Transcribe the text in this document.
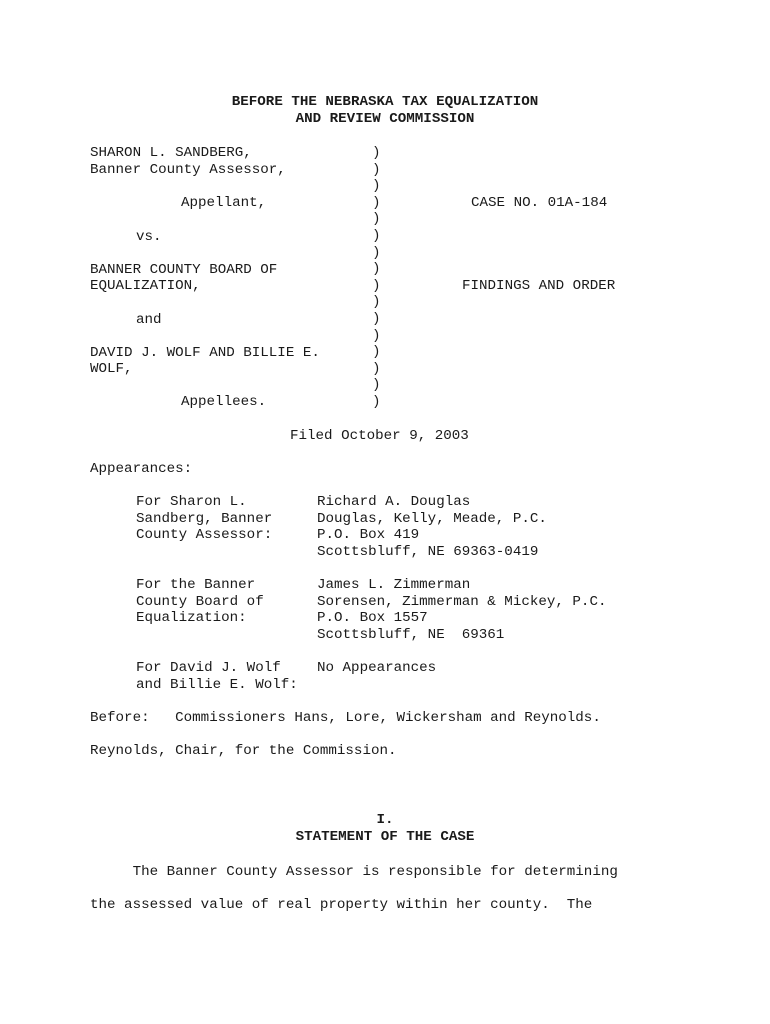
BEFORE THE NEBRASKA TAX EQUALIZATION
AND REVIEW COMMISSION
SHARON L. SANDBERG,
Banner County Assessor,
Appellant,
vs.
BANNER COUNTY BOARD OF
EQUALIZATION,
and
DAVID J. WOLF AND BILLIE E.
WOLF,
Appellees.
)
)
)
)
)
)
)
)
)
)
)
)
)
)
)
)
CASE NO. 01A-184
FINDINGS AND ORDER
Filed October 9, 2003
Appearances:
For Sharon L.
Sandberg, Banner
County Assessor:
Richard A. Douglas
Douglas, Kelly, Meade, P.C.
P.O. Box 419
Scottsbluff, NE 69363-0419
For the Banner
County Board of
Equalization:
James L. Zimmerman
Sorensen, Zimmerman & Mickey, P.C.
P.O. Box 1557
Scottsbluff, NE  69361
For David J. Wolf
and Billie E. Wolf:
No Appearances
Before:   Commissioners Hans, Lore, Wickersham and Reynolds.
Reynolds, Chair, for the Commission.
I.
STATEMENT OF THE CASE
The Banner County Assessor is responsible for determining
the assessed value of real property within her county.  The
